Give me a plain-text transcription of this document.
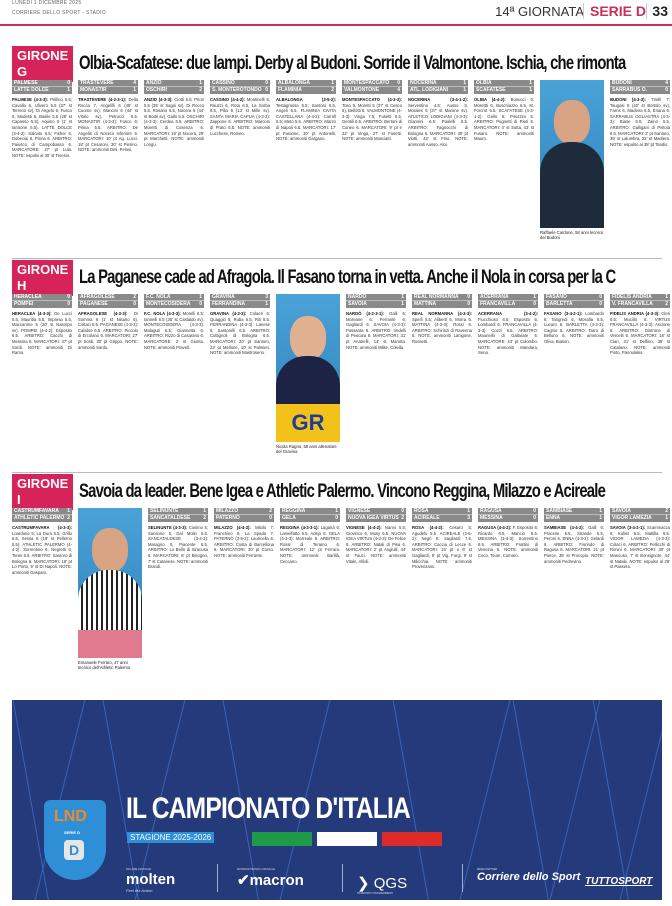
LUNEDÌ 1 DICEMBRE 2025
CORRIERE DELLO SPORT - STADIO	14ª GIORNATA SERIE D 33
GIRONE G	Olbia-Scafatese: due lampi. Derby al Budoni. Sorride il Valmontone. Ischia, che rimonta
PALMESE	0
LATTE DOLCE	1
PALMESE (4-3-3): Pellino 5.5; Cavallo 6, Ulivero 5.5 (37' st Terreno sv), Di Angelo 6, Fusco 6, Modesti 6, Basile 5.5 (28' st Capasso 5.5), Aquino 6 (1' st Iannone 5.5). LATTE DOLCE (3-4-3): Salcato 6.5; Fisher 6, Dobeciai 6, Pinna 6. ARBITRO: Paiusco di Campobasso 6. MARCATORE: 27' pt Lula. NOTE: espulsi al 30' st Teresio.
TRASTEVERE	4
MONASTIR	1
TRASTEVERE (4-2-3-1): Della Rocca 7, Angelilli 6 (48' st Cuomo sv), Mancini 6 (44' st Vitolo sv), Petrucci 6.5. MONASTIR (4-3-3): Fusco 6; Pinna 5.5. ARBITRO: De Angelis di Nocera Inferiore 6. MARCATORI: 10' pt Ag. Lucci, 18' pt Cesaroni, 30' st Pierino. NOTE: ammoniti Deli, Pelosi.
ANZIO	1
OSCHIRI	2
ANZIO (4-3-3): Ciotti 5.5; Priori 5.5 (35' st Sagoi sv), Di Rocco 5.5, Rosario 6.5, Nocera 6 (44' st Bodri sv), Gallo 5.5. OSCHIRI (4-3-3): Cerdea 6.5. ARBITRO: Moretti di Cosenza 6. MARCATORI: 19' pt Nocera, 29' pt Marchetti. NOTE: ammoniti Longu.
CASSINO	0
S. MONTEROTONDO 0
CASSINO (4-4-2): Montinelli 6; Rauzzi 6, Rota 6.5, La Sorba 6.5, Pilia 6 (13' st Mille sv). SANTA MARIA CAPUA (4-3-3): Zappone 6. ARBITRO: Marconi di Prato 6.5. NOTE: ammoniti Lucchese, Romeo.
ALBALONGA	1
FLAMINIA	2
ALBALONGA (3-5-2): Testagrossa 5.5; Santoni 5.5, Angeli 5.5. FLAMINIA CIVITA CASTELLANA (4-4-2): Carroll 6.5; Meto 5.5. ARBITRO: Marzo di Napoli 6.5. MARCATORI: 17' pt Faraone, 30' pt Antonelli. NOTE: ammoniti Gargano.
MONTESPACCATO 0
VALMONTONE	4
MONTESPACCATO (4-3-3): Toso 5, Moretti 5 (37' st Cesco 6), Bellotti 6. VALMONTONE (4-3-3): Vinga 7.5; Fusetti 6.5, Gentili 6.5. ARBITRO: Bertoni di Cuneo 6. MARCATORI: 9' pt e 22' pt Vinga, 27' st Fusetti. NOTE: ammoniti Mosciatti.
NOCERINA	1
ATL. LODIGIANI	1
NOCERINA (3-4-1-2): Serventino 4.5; Ausso 5, Morales 5 (37' st Marone sv). ATLETICO LODIGIANI (4-3-3): Giannini 6.5; Paolelli 6.5. ARBITRO: Fagnocchi di Bologna 6. MARCATORI: 38' pt Viotti, 43' st Fino. NOTE: ammoniti Ausso, Aloi.
OLBIA	1
SCAFATESE	1
OLBIA (4-4-2): Bonucci 6; Morettti 6, Buschiazzo 6.5, M. Forcrot 6.5. SCAFATESE (4-3-1-2): Gallo 6; Pirozzini 6. ARBITRO: Pugnetti di Rieti 6. MARCATORI: 4' st Sotta, 43' st Fusaro. NOTE: ammoniti Mauro.
Raffaele Cardone, 58 anni tecnico del Budoni
BUDONI	4
SARRABUS O.	0
BUDONI (4-3-3): Tirelli 7; Taugasi 6 (40' st Bortolo sv), Farris 6, Madeira 6.5, Enana 6. SARRABUS OGLIASTRA (4-3-3): Biase 5.5; Zaino 5.5. ARBITRO: Galligani di Pistoia 6.5. MARCATORI: 2' pt Santoro, 35' st Lalumbra, 22' st Madiera. NOTE: espulso al 38' pt Tandis.
GIRONE H	La Paganese cade ad Afragola. Il Fasano torna in vetta. Anche il Nola in corsa per la C
HERACLEA	0
POMPEI	0
HERACLEA (4-3-3): De Lucci 5.5, Mauritia 5.5, Impresa 5.5, Maccarone 5 (20' st Nasorpo sv). POMPEI (4-4-2): Esposito 6.5. ARBITRO: Cacchi di Messina 6. MARCATORI: 37' pt Sordi. NOTE: ammoniti Di Ramo.
AFRAGOLESE	2
PAGANESE	0
AFRAGOLESE (4-3-3): Di Somma 6 (1' st Nisano 6), Coltaci 6.5. PAGANESE (4-3-3): Calabre 6.5. ARBITRO: Piccolo di Ercolano 6. MARCATORI: 27' pt Sordi, 30' pt Grippo. NOTE: ammoniti Sardo.
F.C. NOLA	1
MONTECOSIDERA 0
F.C. NOLA (4-3-3): Morelli 6.5; Iannelli 6.5 (35' st Castaldo sv). MONTECOSIDERA (4-3-3): Malaguti 6.5; Giannetta 6. ARBITRO: Rizzo di Casarano 6. MARCATORE: 2' st Giunta. NOTE: ammoniti Pravell.
GRAVINA	3
FERRANDINA	1
GRAVINA (4-3-3): Colaeri 6; Quaggio 8, Ruba 6.5, Riti 6.5. FERRANDINA (4-3-3): Lanese 6; Santorelli 6.5. ARBITRO: Cottignoli di Bologna 6.5. MARCATORI: 20' pt Santoro, 23' pt Mellone, 10' st Palmieri. NOTE: ammoniti Mastroserio.
GR
Nicola Ragno, 58 anni allenatore del Gravina
NARDÒ	1
SAVOIA	1
NARDÒ (4-2-3-1): Galli 6; Moreane 6, Ferrante 6, Gagliardi 6. SAVOIA (4-3-3): Passanta 6. ARBITRO: Vedelli di Pescara 6. MARCATORI: 31' pt Anatrelli, 14' st Marotta. NOTE: ammoniti Milite, Colella.
REAL NORMANNA 0
MATTINA	0
REAL NORMANNA (4-3-3): Sperli 5.5; Aliberti 6, Morra 6. MATTINA (4-3-3): Rossi 6. ARBITRO: Schirinzi di Ravenna 6. NOTE: ammoniti Lanigone, Rossetti.
ACERRANA	1
FRANCAVILLA	0
ACERRANA (3-4-2): Fiucchiuso 6.5; Esposito 6, Lombardi 6. FRANCAVILLA (4-3-3): Cozzi 6.5. ARBITRO: Mauriello di Gallarate 6. MARCATORE: 43' pt Colombo. NOTE: ammoniti Mandara, Sena.
FASANO	0
BARLETTA	0
FASANO (3-4-2-1): Lombardo 6; Tangredi 6, Mosolla 6.5, Lucaro 6. BARLETTA (4-3-3): Cagnio 6. ARBITRO: Tarro di Belluno 6. NOTE: ammoniti Oliva, Biason.
FIDELIS ANDRIA	1
V. FRANCAVILLA 2
FIDELIS ANDRIA (4-3-3): Cleri 6.5; Mucillo 6. VIRTUS FRANCAVILLA (4-3-3): Ascione 6. ARBITRO: Dintrone di Vercelli 6. MARCATORI: 18' st Ciari, 31' st Delfino, 38' st Catalano. NOTE: ammoniti Pinto, Panoulakis.
GIRONE I	Savoia da leader. Bene Igea e Athletic Palermo. Vincono Reggina, Milazzo e Acireale
CASTRUMFAVARA 1
ATHLETIC PALERMO 2
CASTRUMFAVARA (4-3-3): Loardone 5; La Dura 5.5, Grillo 6.5, Sessa 6 (19' st Pellemo 5.5). ATHLETIC PALERMO (4-4-2): Sorrentino 6; Negretti 6, Teres 6.5. ARBITRO: Santoro di Bologna 6. MARCATORI: 19' pt Lo Porto, 9' st Di Napoli. NOTE: ammoniti Gasparo.
Emanuele Ferraro, 47 anni tecnico dell'Athletic Palermo
SELINUNTE	1
SANCATALDESE	2
SELINUNTE (4-3-3): Cosimo 5; Sansone 5, Dal Molin 5.5. SANCATALDESE (3-4-3): Maragno 6, Piacente 6.5. ARBITRO: Lo Bello di Siracusa 6. MARCATORI: 8' pt Bisogno, 7' st Catanese. NOTE: ammoniti Brandi.
MILAZZO	2
PATERNÒ	0
MILAZZO (4-4-2): Mitolo 7; Franchino 6, La Spada 7. PATERNÒ (3-5-2): Lauricella 6. ARBITRO: Costa di Barcellona 6. MARCATORI: 30' pt Corso. NOTE: ammoniti Ferrante.
REGGINA	1
GELA	0
REGGINA (4-2-3-1): Laganà 6; Lamelfatto 6.5, Adejo 6. GELA (4-3-3): Morreale 6. ARBITRO: Rossi di Teramo 6. MARCATORI: 12' pt Ferrara. NOTE: ammoniti Barillà, Ceccano.
VIGNESE	0
NUOVA IGEA VIRTUS 2
VIGNESE (4-4-2): Nanni 5.5; Giovinco 6, Musy 5.5. NUOVA IGEA VIRTUS (4-3-3): De Felice 6. ARBITRO: Natali di Pisa 6. MARCATORI: 2' pt Angiulli, 44' st Fauci. NOTE: ammoniti Vitale, Allioli.
ROSA	1
ACIREALE	3
ROSA (4-4-2): Cesaro 5; Agudelo 5.5. ACIREALE (3-5-2): Negri 6; Sagliardi 7.5. ARBITRO: Caccia di Lecce 6. MARCATORI: 15' pt e 6' st Gagliardi, 8' pt Vig, Furgi, 9' st Milicchia. NOTE: ammoniti Provenzano.
RAGUSA	0
MESSINA	0
RAGUSA (4-4-2): F. Esposito 6; Ricardo 6.5, Mancio 5.5. MESSINA (3-4-3): Sorrentino 6.5. ARBITRO: Frattini di Venezia 6. NOTE: ammoniti Coco, Toure, Cumaro.
SAMBIASE	1
ENNA	1
SAMBIASE (4-4-2): Galli 6; Pracese 5.5, Strande 5.5, Peroni 6. ENNA (4-3-3): Gelardi 6. ARBITRO: Fiorindo di Ragusa 6. MARCATORI: 21' pt Pierce, 35' st Procopio. NOTE: ammoniti Pedrevino.
SAVOIA	2
VIGOR LAMEZIA	1
SAVOIA (3-4-2-1): Scammacca 6; Kuliss 5.5, Mattilla 6.5. VIGOR LAMEZIA (4-3-3): Colaci 6. ARBITRO: Pellicchi di Rimini 6. MARCATORI: 30' pt Mancuso, 7' st Bonsignore, 44' st Natale. NOTE: espulso al 28' st Passera.
LND
SERIE D
D
IL CAMPIONATO D'ITALIA
STAGIONE 2025-2026
PALLONE UFFICIALE
molten
Feel the Action
SPONSOR TECNICO UFFICIALE
✔macron	❯ QGS
TRASPORTO TRASFERIMENTI
MEDIA PARTNER
Corriere dello Sport TUTTOSPORT
